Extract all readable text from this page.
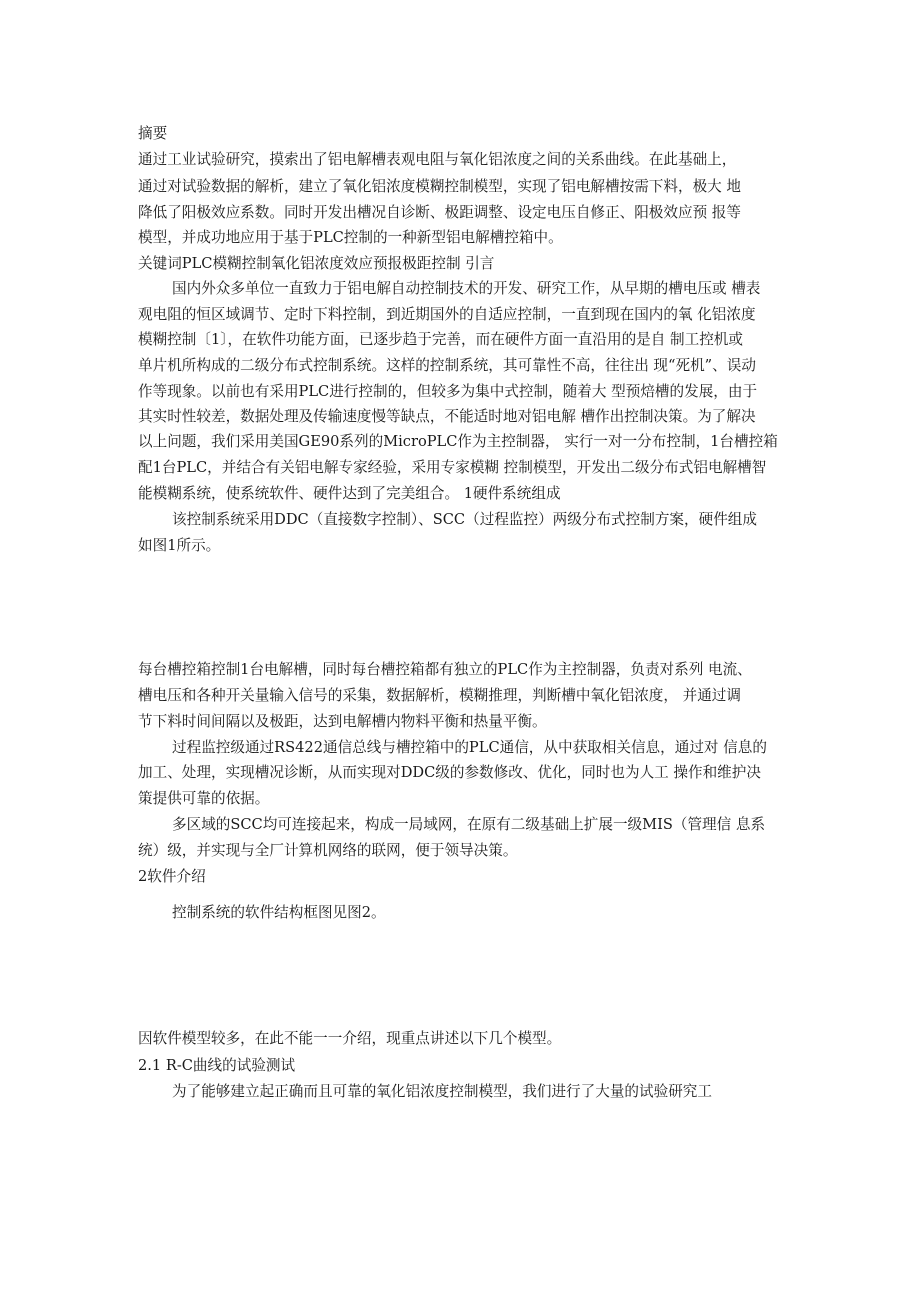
摘要
通过工业试验研究，摸索出了铝电解槽表观电阻与氧化铝浓度之间的关系曲线。在此基础上，
通过对试验数据的解析，建立了氧化铝浓度模糊控制模型，实现了铝电解槽按需下料，极大 地
降低了阳极效应系数。同时开发出槽况自诊断、极距调整、设定电压自修正、阳极效应预 报等
模型，并成功地应用于基于PLC控制的一种新型铝电解槽控箱中。
关键词PLC模糊控制氧化铝浓度效应预报极距控制 引言
国内外众多单位一直致力于铝电解自动控制技术的开发、研究工作，从早期的槽电压或 槽表
观电阻的恒区域调节、定时下料控制，到近期国外的自适应控制，一直到现在国内的氧 化铝浓度
模糊控制〔1〕，在软件功能方面，已逐步趋于完善，而在硬件方面一直沿用的是自 制工控机或
单片机所构成的二级分布式控制系统。这样的控制系统，其可靠性不高，往往出 现“死机”、误动
作等现象。以前也有采用PLC进行控制的，但较多为集中式控制，随着大 型预焙槽的发展，由于
其实时性较差，数据处理及传输速度慢等缺点，不能适时地对铝电解 槽作出控制决策。为了解决
以上问题，我们采用美国GE90系列的MicroPLC作为主控制器， 实行一对一分布控制，1台槽控箱
配1台PLC，并结合有关铝电解专家经验，采用专家模糊 控制模型，开发出二级分布式铝电解槽智
能模糊系统，使系统软件、硬件达到了完美组合。 1硬件系统组成
该控制系统采用DDC（直接数字控制）、SCC（过程监控）两级分布式控制方案，硬件组成
如图1所示。
每台槽控箱控制1台电解槽，同时每台槽控箱都有独立的PLC作为主控制器，负责对系列 电流、
槽电压和各种开关量输入信号的采集，数据解析，模糊推理，判断槽中氧化铝浓度， 并通过调
节下料时间间隔以及极距，达到电解槽内物料平衡和热量平衡。
过程监控级通过RS422通信总线与槽控箱中的PLC通信，从中获取相关信息，通过对 信息的
加工、处理，实现槽况诊断，从而实现对DDC级的参数修改、优化，同时也为人工 操作和维护决
策提供可靠的依据。
多区域的SCC均可连接起来，构成一局域网，在原有二级基础上扩展一级MIS（管理信 息系
统）级，并实现与全厂计算机网络的联网，便于领导决策。
2软件介绍
控制系统的软件结构框图见图2。
因软件模型较多，在此不能一一介绍，现重点讲述以下几个模型。
2.1 R-C曲线的试验测试
为了能够建立起正确而且可靠的氧化铝浓度控制模型，我们进行了大量的试验研究工
